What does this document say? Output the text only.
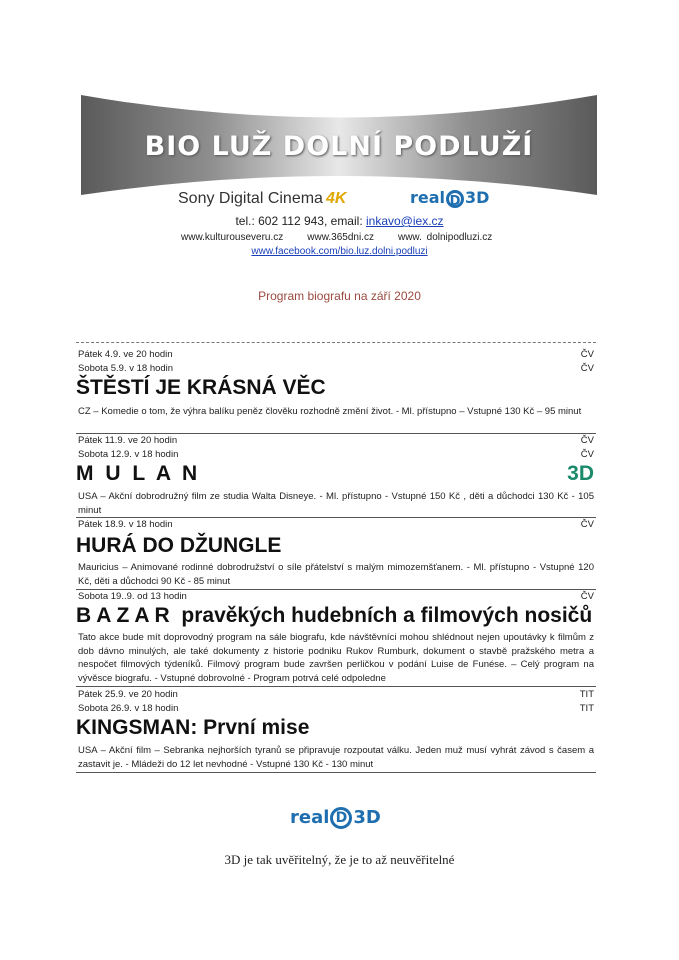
BIO LUŽ DOLNÍ PODLUŽÍ
Sony Digital Cinema 4K	real D 3D
tel.: 602 112 943, email: inkavo@iex.cz
www.kulturouseveru.cz www.365dni.cz www. dolnipodluzi.cz
www.facebook.com/bio.luz.dolni.podluzi
Program biografu na září 2020
Pátek 4.9. ve 20 hodin	ČV
Sobota 5.9. v 18 hodin	ČV
ŠTĚSTÍ JE KRÁSNÁ VĚC
CZ – Komedie o tom, že výhra balíku peněz člověku rozhodně změní život. - Ml. přístupno – Vstupné 130 Kč – 95 minut
Pátek 11.9. ve 20 hodin	ČV
Sobota 12.9. v 18 hodin	ČV
M U L A N	3D
USA – Akční dobrodružný film ze studia Walta Disneye. - Ml. přístupno - Vstupné 150 Kč , děti a důchodci 130 Kč - 105 minut
Pátek 18.9. v 18 hodin	ČV
HURÁ DO DŽUNGLE
Mauricius – Animované rodinné dobrodružství o síle přátelství s malým mimozemšťanem. - Ml. přístupno - Vstupné 120 Kč, děti a důchodci 90 Kč - 85 minut
Sobota 19..9. od 13 hodin	ČV
B A Z A R pravěkých hudebních a filmových nosičů
Tato akce bude mít doprovodný program na sále biografu, kde návštěvníci mohou shlédnout nejen upoutávky k filmům z dob dávno minulých, ale také dokumenty z historie podniku Rukov Rumburk, dokument o stavbě pražského metra a nespočet filmových týdeníků. Filmový program bude završen perličkou v podání Luise de Funése. – Celý program na vývěsce biografu. - Vstupné dobrovolné - Program potrvá celé odpoledne
Pátek 25.9. ve 20 hodin	TIT
Sobota 26.9. v 18 hodin	TIT
KINGSMAN: První mise
USA – Akční film – Sebranka nejhorších tyranů se připravuje rozpoutat válku. Jeden muž musí vyhrát závod s časem a zastavit je. - Mládeži do 12 let nevhodné - Vstupné 130 Kč - 130 minut
real D 3D
3D je tak uvěřitelný, že je to až neuvěřitelné
